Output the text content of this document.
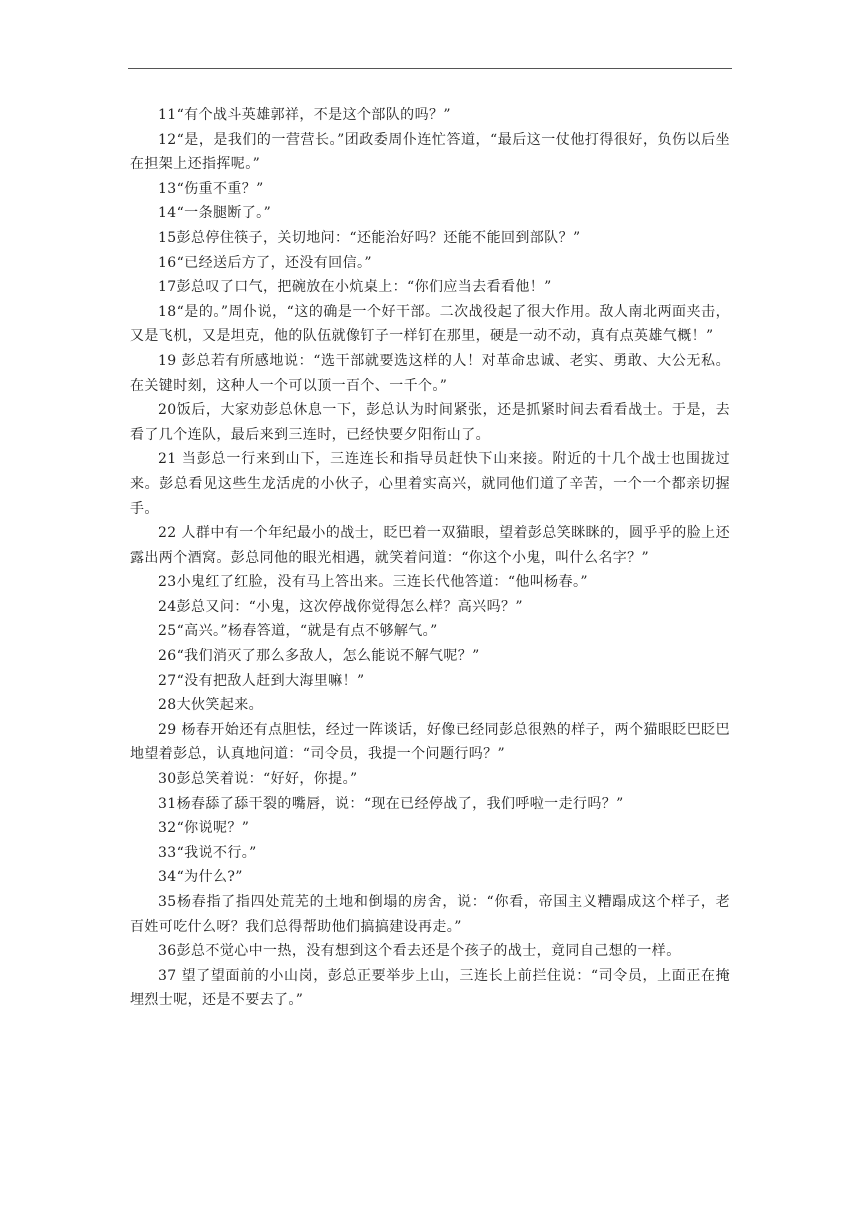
11“有个战斗英雄郭祥，不是这个部队的吗？”

12“是，是我们的一营营长。”团政委周仆连忙答道，“最后这一仗他打得很好，负伤以后坐在担架上还指挥呢。”

13“伤重不重？”

14“一条腿断了。”

15彭总停住筷子，关切地问：“还能治好吗？还能不能回到部队？”

16“已经送后方了，还没有回信。”

17彭总叹了口气，把碗放在小炕桌上：“你们应当去看看他！”

18“是的。”周仆说，“这的确是一个好干部。二次战役起了很大作用。敌人南北两面夹击，又是飞机，又是坦克，他的队伍就像钉子一样钉在那里，硬是一动不动，真有点英雄气概！”

19 彭总若有所感地说：“选干部就要选这样的人！对革命忠诚、老实、勇敢、大公无私。在关键时刻，这种人一个可以顶一百个、一千个。”

20饭后，大家劝彭总休息一下，彭总认为时间紧张，还是抓紧时间去看看战士。于是，去看了几个连队，最后来到三连时，已经快要夕阳衔山了。

21 当彭总一行来到山下，三连连长和指导员赶快下山来接。附近的十几个战士也围拢过来。彭总看见这些生龙活虎的小伙子，心里着实高兴，就同他们道了辛苦，一个一个都亲切握手。

22 人群中有一个年纪最小的战士，眨巴着一双猫眼，望着彭总笑眯眯的，圆乎乎的脸上还露出两个酒窝。彭总同他的眼光相遇，就笑着问道：“你这个小鬼，叫什么名字？”

23小鬼红了红脸，没有马上答出来。三连长代他答道：“他叫杨春。”

24彭总又问：“小鬼，这次停战你觉得怎么样？高兴吗？”

25“高兴。”杨春答道，“就是有点不够解气。”

26“我们消灭了那么多敌人，怎么能说不解气呢？”

27“没有把敌人赶到大海里嘛！”

28大伙笑起来。

29 杨春开始还有点胆怯，经过一阵谈话，好像已经同彭总很熟的样子，两个猫眼眨巴眨巴地望着彭总，认真地问道：“司令员，我提一个问题行吗？”

30彭总笑着说：“好好，你提。”

31杨春舔了舔干裂的嘴唇，说：“现在已经停战了，我们呼啦一走行吗？”

32“你说呢？”

33“我说不行。”

34“为什么?”

35杨春指了指四处荒芜的土地和倒塌的房舍，说：“你看，帝国主义糟蹋成这个样子，老百姓可吃什么呀？我们总得帮助他们搞搞建设再走。”

36彭总不觉心中一热，没有想到这个看去还是个孩子的战士，竟同自己想的一样。

37 望了望面前的小山岗，彭总正要举步上山，三连长上前拦住说：“司令员，上面正在掩埋烈士呢，还是不要去了。”
